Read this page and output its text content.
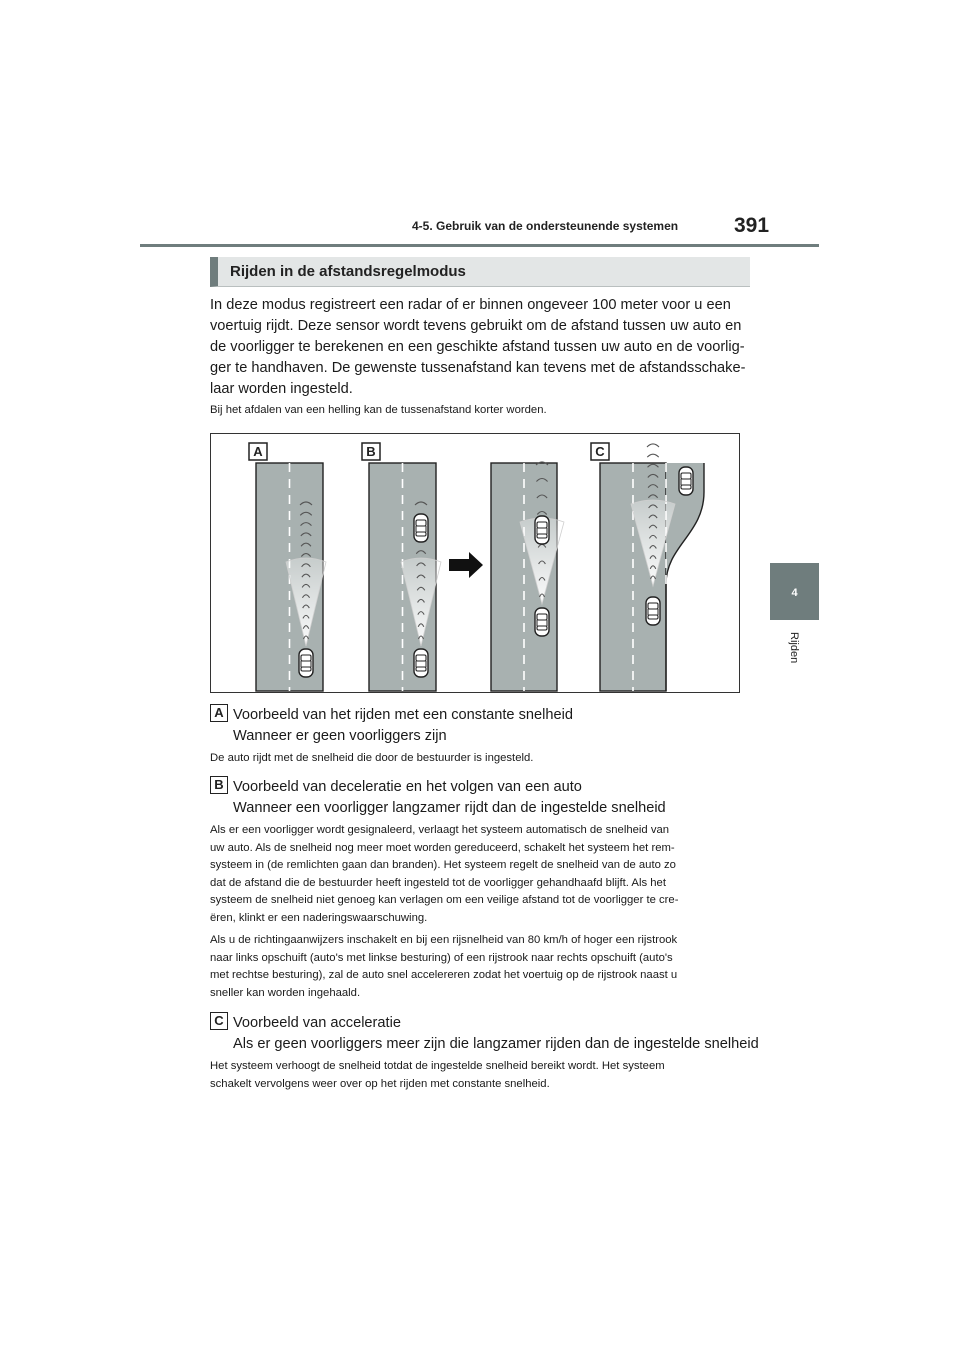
4-5. Gebruik van de ondersteunende systemen	391
4
Rijden
Rijden in de afstandsregelmodus
In deze modus registreert een radar of er binnen ongeveer 100 meter voor u een
voertuig rijdt. Deze sensor wordt tevens gebruikt om de afstand tussen uw auto en
de voorligger te berekenen en een geschikte afstand tussen uw auto en de voorlig-
ger te handhaven. De gewenste tussenafstand kan tevens met de afstandsschake-
laar worden ingesteld.
Bij het afdalen van een helling kan de tussenafstand korter worden.
A	B	C
A Voorbeeld van het rijden met een constante snelheid
Wanneer er geen voorliggers zijn
De auto rijdt met de snelheid die door de bestuurder is ingesteld.
B Voorbeeld van deceleratie en het volgen van een auto
Wanneer een voorligger langzamer rijdt dan de ingestelde snelheid
Als er een voorligger wordt gesignaleerd, verlaagt het systeem automatisch de snelheid van
uw auto. Als de snelheid nog meer moet worden gereduceerd, schakelt het systeem het rem-
systeem in (de remlichten gaan dan branden). Het systeem regelt de snelheid van de auto zo
dat de afstand die de bestuurder heeft ingesteld tot de voorligger gehandhaafd blijft. Als het
systeem de snelheid niet genoeg kan verlagen om een veilige afstand tot de voorligger te cre-
ëren, klinkt er een naderingswaarschuwing.
Als u de richtingaanwijzers inschakelt en bij een rijsnelheid van 80 km/h of hoger een rijstrook
naar links opschuift (auto's met linkse besturing) of een rijstrook naar rechts opschuift (auto's
met rechtse besturing), zal de auto snel accelereren zodat het voertuig op de rijstrook naast u
sneller kan worden ingehaald.
C Voorbeeld van acceleratie
Als er geen voorliggers meer zijn die langzamer rijden dan de ingestelde snelheid
Het systeem verhoogt de snelheid totdat de ingestelde snelheid bereikt wordt. Het systeem
schakelt vervolgens weer over op het rijden met constante snelheid.
